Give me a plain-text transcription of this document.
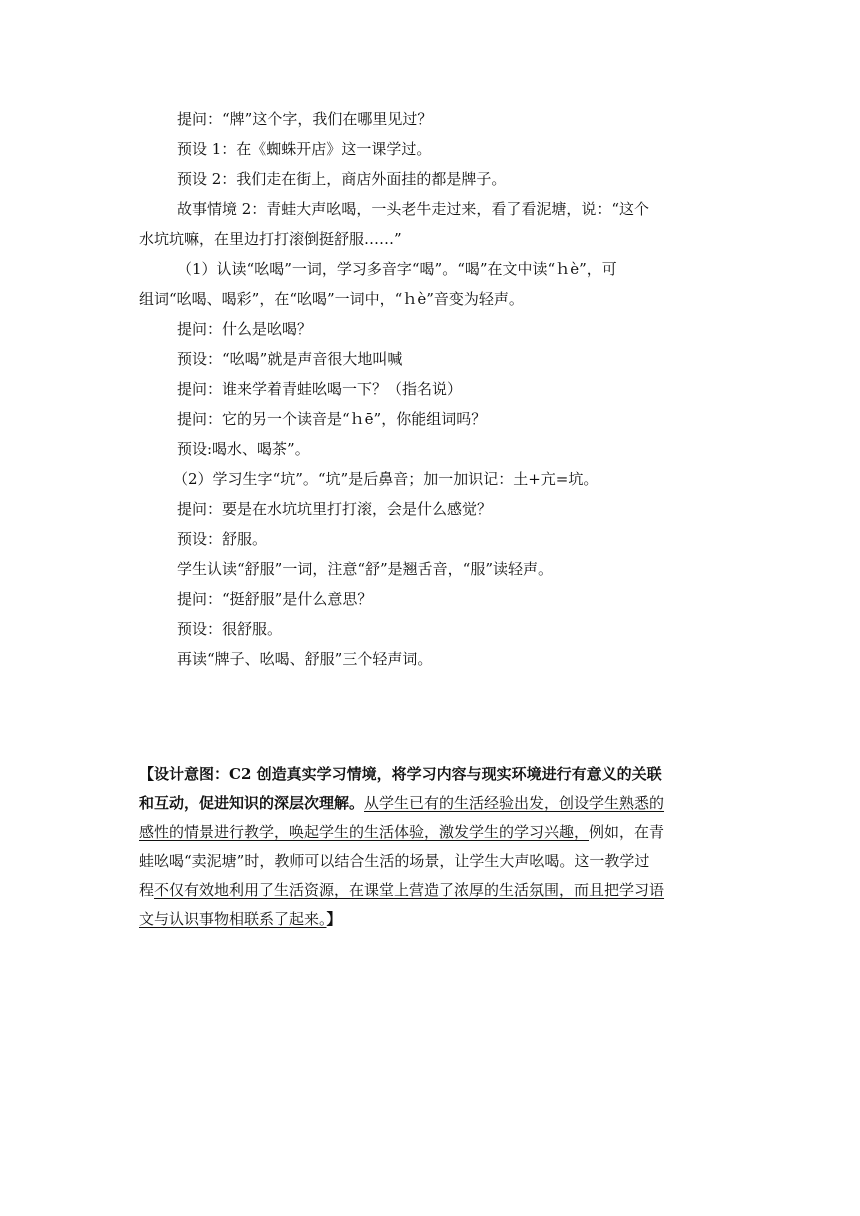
提问：“牌”这个字，我们在哪里见过？
预设 1：在《蜘蛛开店》这一课学过。
预设 2：我们走在街上，商店外面挂的都是牌子。
故事情境 2：青蛙大声吆喝，一头老牛走过来，看了看泥塘，说：“这个
水坑坑嘛，在里边打打滚倒挺舒服……”
（1）认读“吆喝”一词，学习多音字“喝”。“喝”在文中读“ｈè”，可
组词“吆喝、喝彩”，在“吆喝”一词中，“ｈè”音变为轻声。
提问：什么是吆喝？
预设：“吆喝”就是声音很大地叫喊
提问：谁来学着青蛙吆喝一下？（指名说）
提问：它的另一个读音是“ｈē”，你能组词吗？
预设:喝水、喝茶”。
（2）学习生字“坑”。“坑”是后鼻音；加一加识记：土+亢=坑。
提问：要是在水坑坑里打打滚，会是什么感觉？
预设：舒服。
学生认读“舒服”一词，注意“舒”是翘舌音，“服”读轻声。
提问：“挺舒服”是什么意思？
预设：很舒服。
再读“牌子、吆喝、舒服”三个轻声词。
【设计意图：C2 创造真实学习情境，将学习内容与现实环境进行有意义的关联
和互动，促进知识的深层次理解。从学生已有的生活经验出发，创设学生熟悉的
感性的情景进行教学，唤起学生的生活体验，激发学生的学习兴趣，例如，在青
蛙吆喝“卖泥塘”时，教师可以结合生活的场景，让学生大声吆喝。这一教学过
程不仅有效地利用了生活资源，在课堂上营造了浓厚的生活氛围，而且把学习语
文与认识事物相联系了起来。】
